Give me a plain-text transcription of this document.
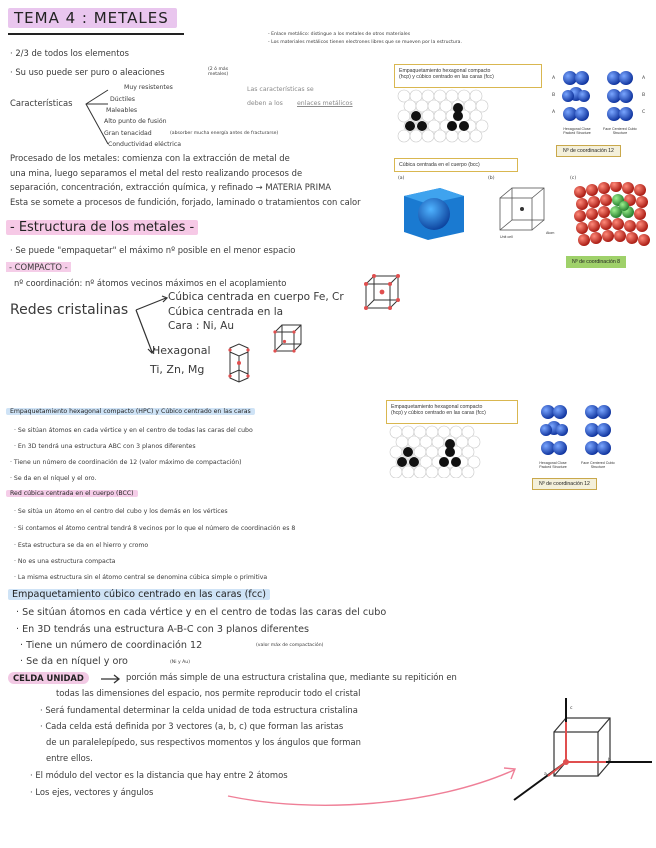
TEMA 4 : METALES
- Enlace metálico: distingue a los metales de otros materiales
- Los materiales metálicos tienen electrones libres que se mueven por la estructura.
· 2/3 de todos los elementos
· Su uso puede ser puro o aleaciones	(2 ó más metales)
Características
Muy resistentes
Dúctiles
Maleables
Alto punto de fusión
Gran tenacidad	(absorber mucha energía antes de fracturarse)
Conductividad eléctrica
Las características se
deben a los enlaces metálicos
Procesado de los metales: comienza con la extracción de metal de
una mina, luego separamos el metal del resto realizando procesos de
separación, concentración, extracción química, y refinado → MATERIA PRIMA
Esta se somete a procesos de fundición, forjado, laminado o tratamientos con calor
- Estructura de los metales -
· Se puede "empaquetar" el máximo nº posible en el menor espacio
- COMPACTO -
nº coordinación: nº átomos vecinos máximos en el acoplamiento
Redes cristalinas
Cúbica centrada en cuerpo Fe, Cr
Cúbica centrada en la
Cara : Ni, Au
Hexagonal
Ti, Zn, Mg
Empaquetamiento hexagonal compacto
(hcp) y cúbico centrado en las caras (fcc)	A
B
A
A
B
C
Hexagonal Close Packed Structure
Face Centered Cubic Structure
Nº de coordinación 12
Cúbica centrada en el cuerpo (bcc)
(a)	(b)	(c)
Unit cell
Atom
Nº de coordinación 8
Empaquetamiento hexagonal compacto (HPC) y Cúbico centrado en las caras
· Se sitúan átomos en cada vértice y en el centro de todas las caras del cubo
· En 3D tendrá una estructura ABC con 3 planos diferentes
· Tiene un número de coordinación de 12 (valor máximo de compactación)
· Se da en el níquel y el oro.
Empaquetamiento hexagonal compacto
(hcp) y cúbico centrado en las caras (fcc)
Hexagonal Close Packed Structure
Face Centered Cubic Structure
Nº de coordinación 12
Red cúbica centrada en el cuerpo (BCC)
· Se sitúa un átomo en el centro del cubo y los demás en los vértices
· Si contamos el átomo central tendrá 8 vecinos por lo que el número de coordinación es 8
· Esta estructura se da en el hierro y cromo
· No es una estructura compacta
· La misma estructura sin el átomo central se denomina cúbica simple o primitiva
Empaquetamiento cúbico centrado en las caras (fcc)
· Se sitúan átomos en cada vértice y en el centro de todas las caras del cubo
· En 3D tendrás una estructura A-B-C con 3 planos diferentes
· Tiene un número de coordinación 12	(valor máx de compactación)
· Se da en níquel y oro	(Ni y Au)
CELDA UNIDAD	porción más simple de una estructura cristalina que, mediante su repitición en
todas las dimensiones del espacio, nos permite reproducir todo el cristal
· Será fundamental determinar la celda unidad de toda estructura cristalina
· Cada celda está definida por 3 vectores (a, b, c) que forman las aristas
de un paralelepípedo, sus respectivos momentos y los ángulos que forman
entre ellos.
· El módulo del vector es la distancia que hay entre 2 átomos
· Los ejes, vectores y ángulos
c
b
a
